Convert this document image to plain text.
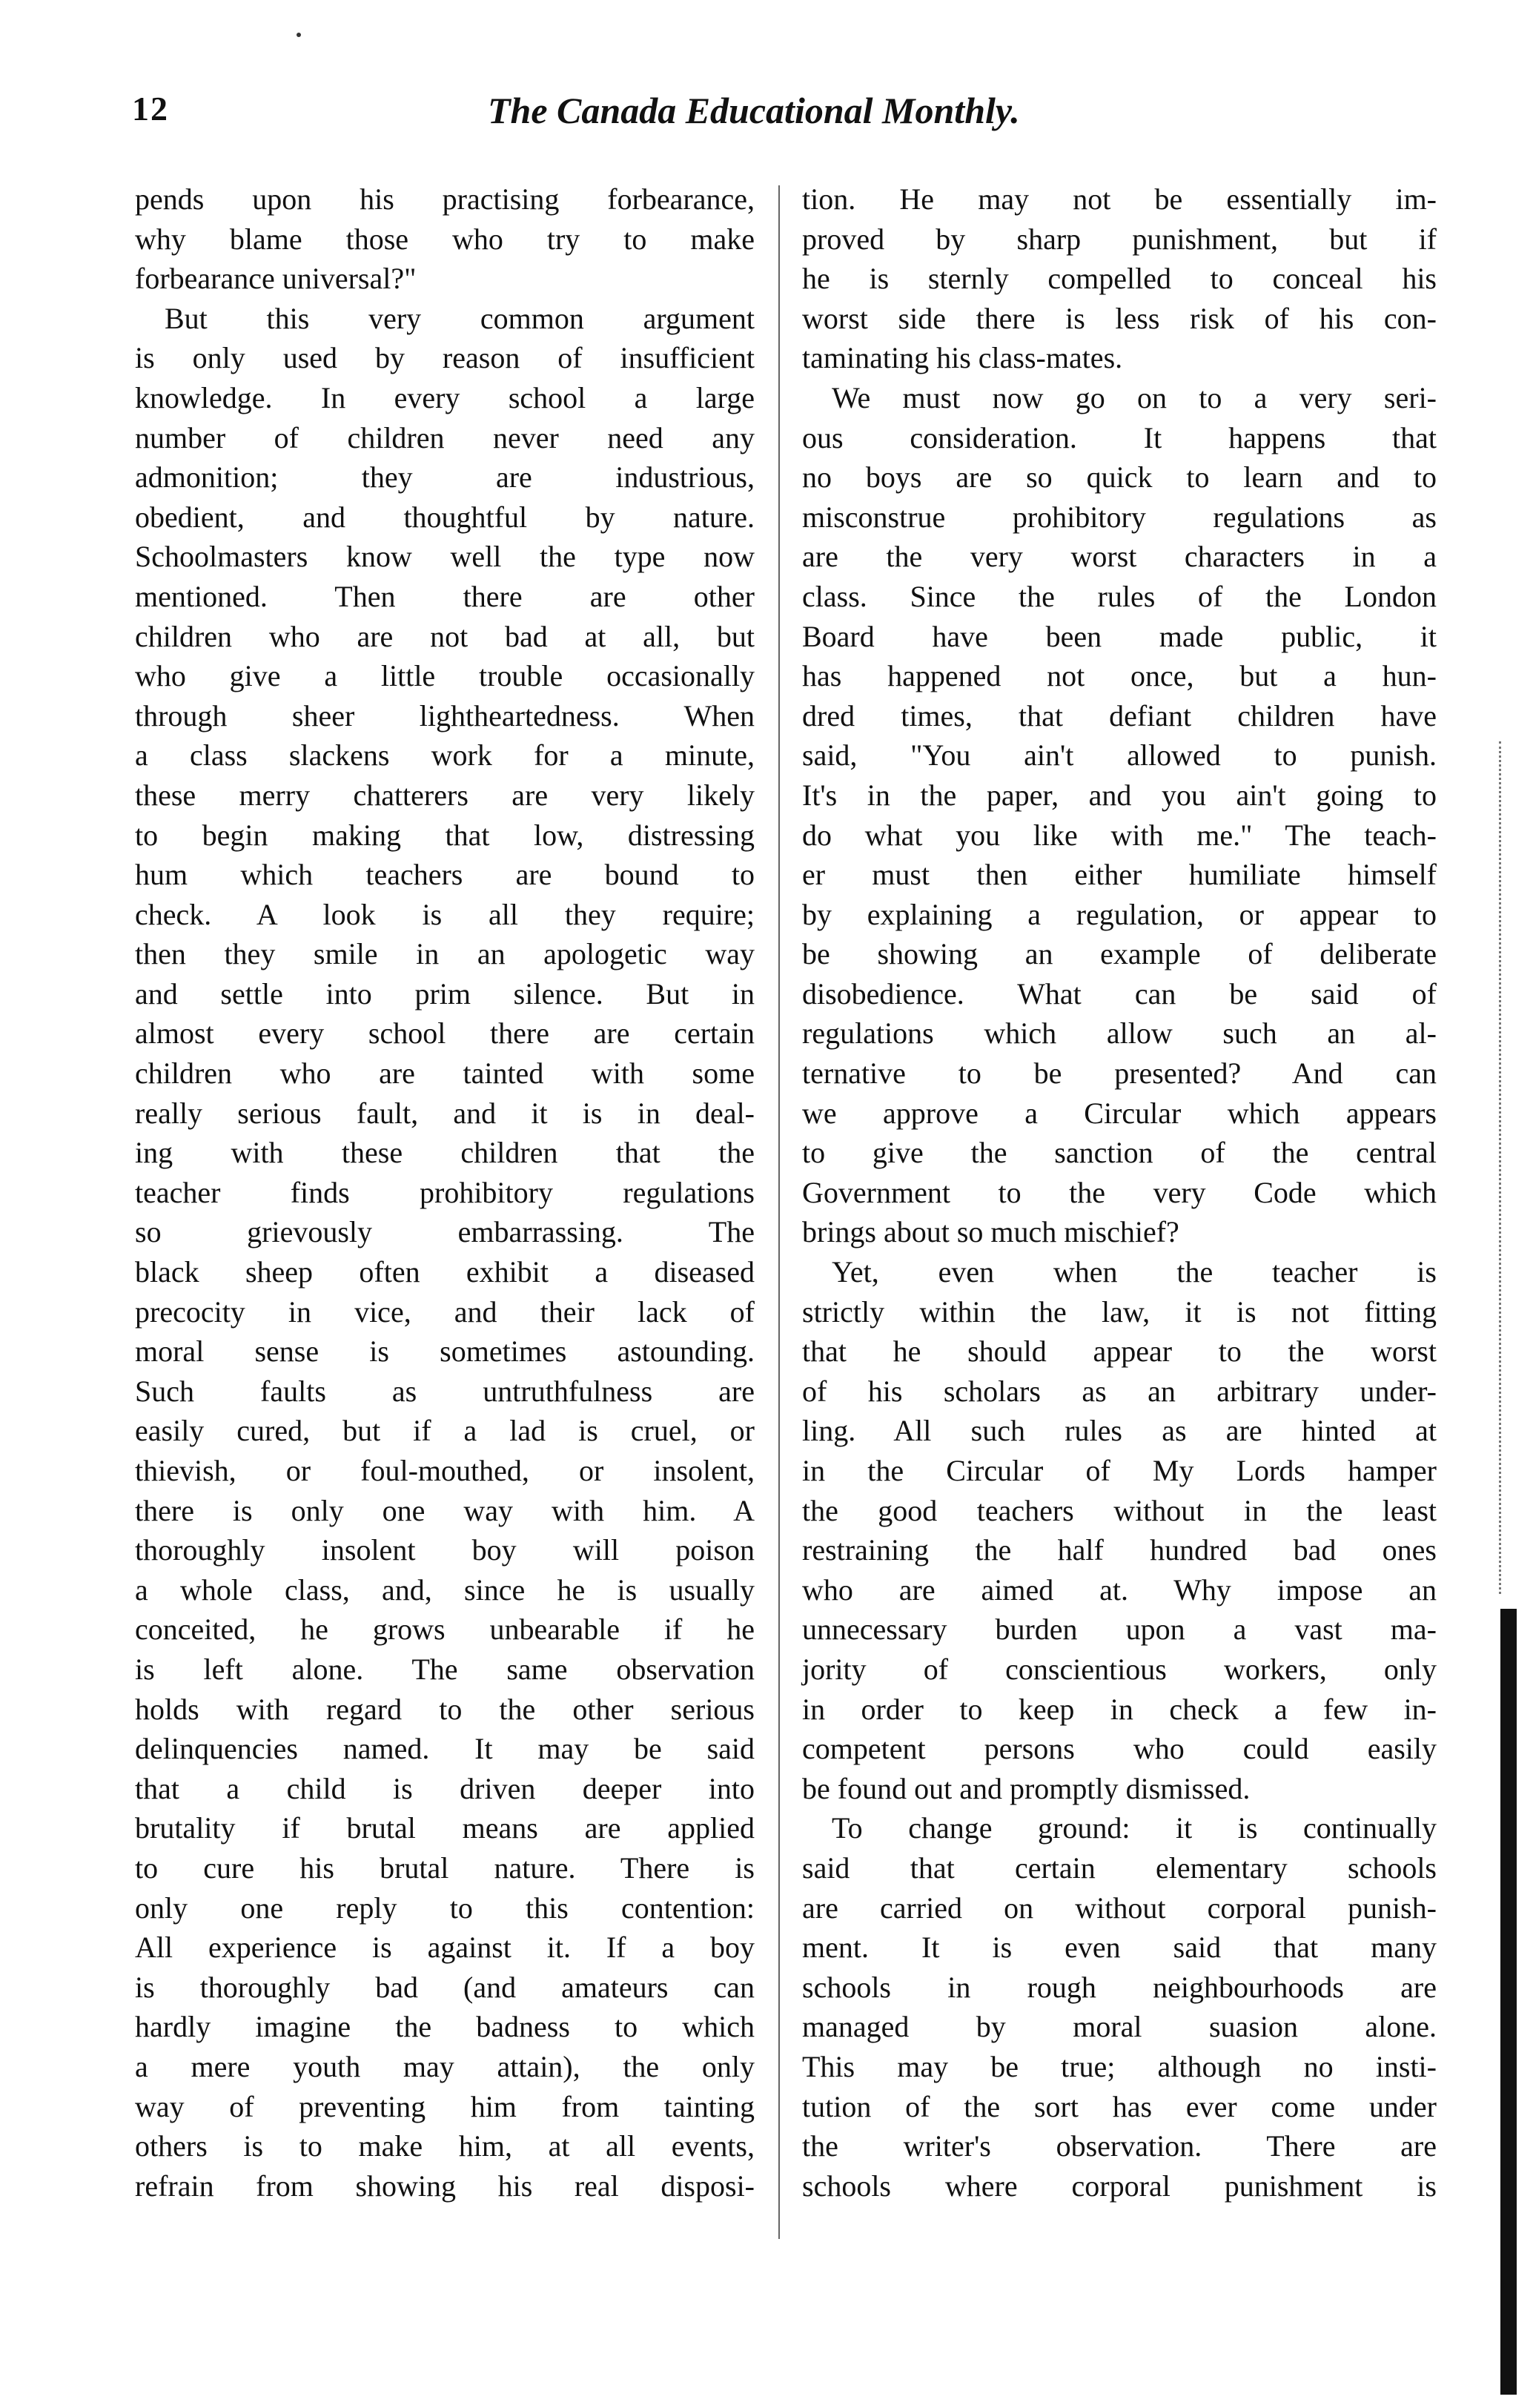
12	The Canada Educational Monthly.
pends upon his practising forbearance,
why blame those who try to make
forbearance universal?"
But this very common argument
is only used by reason of insufficient
knowledge. In every school a large
number of children never need any
admonition; they are industrious,
obedient, and thoughtful by nature.
Schoolmasters know well the type now
mentioned. Then there are other
children who are not bad at all, but
who give a little trouble occasionally
through sheer lightheartedness. When
a class slackens work for a minute,
these merry chatterers are very likely
to begin making that low, distressing
hum which teachers are bound to
check. A look is all they require;
then they smile in an apologetic way
and settle into prim silence. But in
almost every school there are certain
children who are tainted with some
really serious fault, and it is in deal-
ing with these children that the
teacher finds prohibitory regulations
so grievously embarrassing. The
black sheep often exhibit a diseased
precocity in vice, and their lack of
moral sense is sometimes astounding.
Such faults as untruthfulness are
easily cured, but if a lad is cruel, or
thievish, or foul-mouthed, or insolent,
there is only one way with him. A
thoroughly insolent boy will poison
a whole class, and, since he is usually
conceited, he grows unbearable if he
is left alone. The same observation
holds with regard to the other serious
delinquencies named. It may be said
that a child is driven deeper into
brutality if brutal means are applied
to cure his brutal nature. There is
only one reply to this contention:
All experience is against it. If a boy
is thoroughly bad (and amateurs can
hardly imagine the badness to which
a mere youth may attain), the only
way of preventing him from tainting
others is to make him, at all events,
refrain from showing his real disposi-
tion. He may not be essentially im-
proved by sharp punishment, but if
he is sternly compelled to conceal his
worst side there is less risk of his con-
taminating his class-mates.
We must now go on to a very seri-
ous consideration. It happens that
no boys are so quick to learn and to
misconstrue prohibitory regulations as
are the very worst characters in a
class. Since the rules of the London
Board have been made public, it
has happened not once, but a hun-
dred times, that defiant children have
said, "You ain't allowed to punish.
It's in the paper, and you ain't going to
do what you like with me." The teach-
er must then either humiliate himself
by explaining a regulation, or appear to
be showing an example of deliberate
disobedience. What can be said of
regulations which allow such an al-
ternative to be presented? And can
we approve a Circular which appears
to give the sanction of the central
Government to the very Code which
brings about so much mischief?
Yet, even when the teacher is
strictly within the law, it is not fitting
that he should appear to the worst
of his scholars as an arbitrary under-
ling. All such rules as are hinted at
in the Circular of My Lords hamper
the good teachers without in the least
restraining the half hundred bad ones
who are aimed at. Why impose an
unnecessary burden upon a vast ma-
jority of conscientious workers, only
in order to keep in check a few in-
competent persons who could easily
be found out and promptly dismissed.
To change ground: it is continually
said that certain elementary schools
are carried on without corporal punish-
ment. It is even said that many
schools in rough neighbourhoods are
managed by moral suasion alone.
This may be true; although no insti-
tution of the sort has ever come under
the writer's observation. There are
schools where corporal punishment is
